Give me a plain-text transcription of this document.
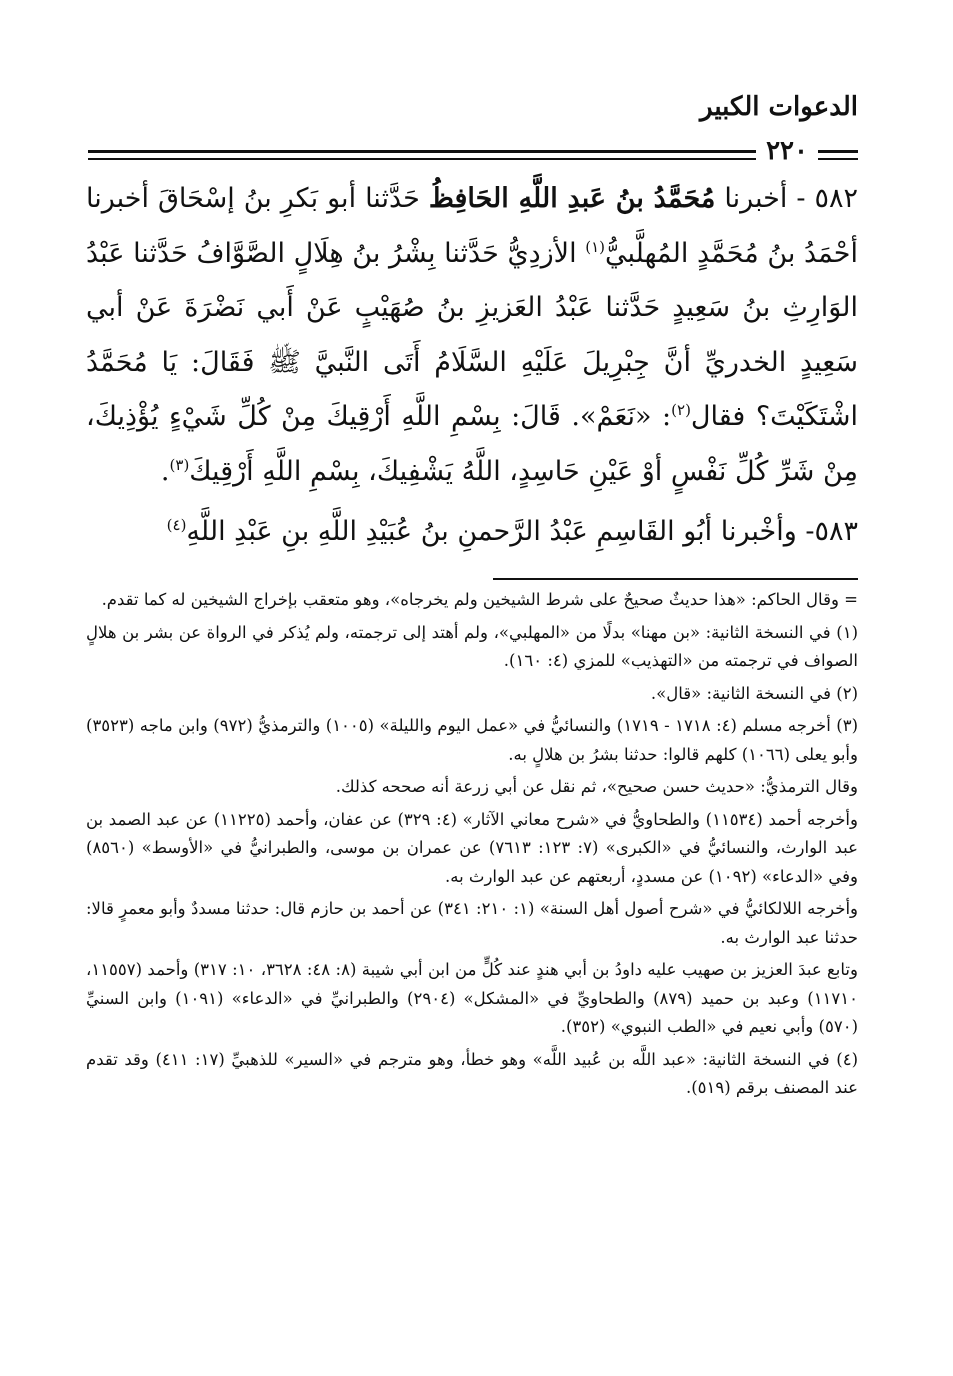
الدعوات الكبير
٢٢٠

٥٨٢ - أخبرنا مُحَمَّدُ بنُ عَبدِ اللَّهِ الحَافِظُ حَدَّثنا أبو بَكرِ بنُ إسْحَاقَ أخبرنا أحْمَدُ بنُ مُحَمَّدٍ المُهلَّبيُّ$^{(١)}$ الأزدِيُّ حَدَّثنا بِشْرُ بنُ هِلَالٍ الصَّوَّافُ حَدَّثنا عَبْدُ الوَارِثِ بنُ سَعِيدٍ حَدَّثنا عَبْدُ العَزيزِ بنُ صُهَيْبٍ عَنْ أَبي نَضْرَةَ عَنْ أبي سَعِيدٍ الخدريِّ أنَّ جِبْرِيلَ عَلَيْهِ السَّلَامُ أَتَى النَّبيَّ ﷺ فَقَالَ: يَا مُحَمَّدُ اشْتَكَيْتَ؟ فقال$^{(٢)}$: «نَعَمْ». قَالَ: بِسْمِ اللَّهِ أَرْقِيكَ مِنْ كُلِّ شَيْءٍ يُؤْذِيكَ، مِنْ شَرِّ كُلِّ نَفْسٍ أوْ عَيْنِ حَاسِدٍ، اللَّهُ يَشْفِيكَ، بِسْمِ اللَّهِ أَرْقِيكَ$^{(٣)}$.

٥٨٣- وأخْبرنا أبُو القَاسِمِ عَبْدُ الرَّحمنِ بنُ عُبَيْدِ اللَّهِ بنِ عَبْدِ اللَّهِ$^{(٤)}$

= وقال الحاكم: «هذا حديثٌ صحيحٌ على شرط الشيخين ولم يخرجاه»، وهو متعقب بإخراج الشيخين له كما تقدم.

(١) في النسخة الثانية: «بن مهنا» بدلًا من «المهلبي»، ولم أهتد إلى ترجمته، ولم يُذكر في الرواة عن بشر بن هلالٍ الصواف في ترجمته من «التهذيب» للمزي (٤: ١٦٠).

(٢) في النسخة الثانية: «قال».

(٣) أخرجه مسلم (٤: ١٧١٨ - ١٧١٩) والنسائيُّ في «عمل اليوم والليلة» (١٠٠٥) والترمذيُّ (٩٧٢) وابن ماجه (٣٥٢٣) وأبو يعلى (١٠٦٦) كلهم قالوا: حدثنا بشرُ بن هلالٍ به.

وقال الترمذيُّ: «حديث حسن صحيح»، ثم نقل عن أبي زرعة أنه صححه كذلك.

وأخرجه أحمد (١١٥٣٤) والطحاويُّ في «شرح معاني الآثار» (٤: ٣٢٩) عن عفان، وأحمد (١١٢٢٥) عن عبد الصمد بن عبد الوارث، والنسائيُّ في «الكبرى» (٧: ١٢٣: ٧٦١٣) عن عمران بن موسى، والطبرانيُّ في «الأوسط» (٨٥٦٠) وفي «الدعاء» (١٠٩٢) عن مسددٍ، أربعتهم عن عبد الوارث به.

وأخرجه اللالكائيُّ في «شرح أصول أهل السنة» (١: ٢١٠: ٣٤١) عن أحمد بن حازم قال: حدثنا مسددٌ وأبو معمرٍ قالا: حدثنا عبد الوارث به.

وتابع عبدَ العزيز بن صهيب عليه داودُ بن أبي هندٍ عند كُلٍّ من ابن أبي شيبة (٨: ٤٨: ٣٦٢٨، ١٠: ٣١٧) وأحمد (١١٥٥٧، ١١٧١٠) وعبد بن حميد (٨٧٩) والطحاويِّ في «المشكل» (٢٩٠٤) والطبرانيِّ في «الدعاء» (١٠٩١) وابن السنيِّ (٥٧٠) وأبي نعيم في «الطب النبوي» (٣٥٢).

(٤) في النسخة الثانية: «عبد اللَّه بن عُبيد اللَّه» وهو خطأ، وهو مترجم في «السير» للذهبيِّ (١٧: ٤١١) وقد تقدم عند المصنف برقم (٥١٩).
